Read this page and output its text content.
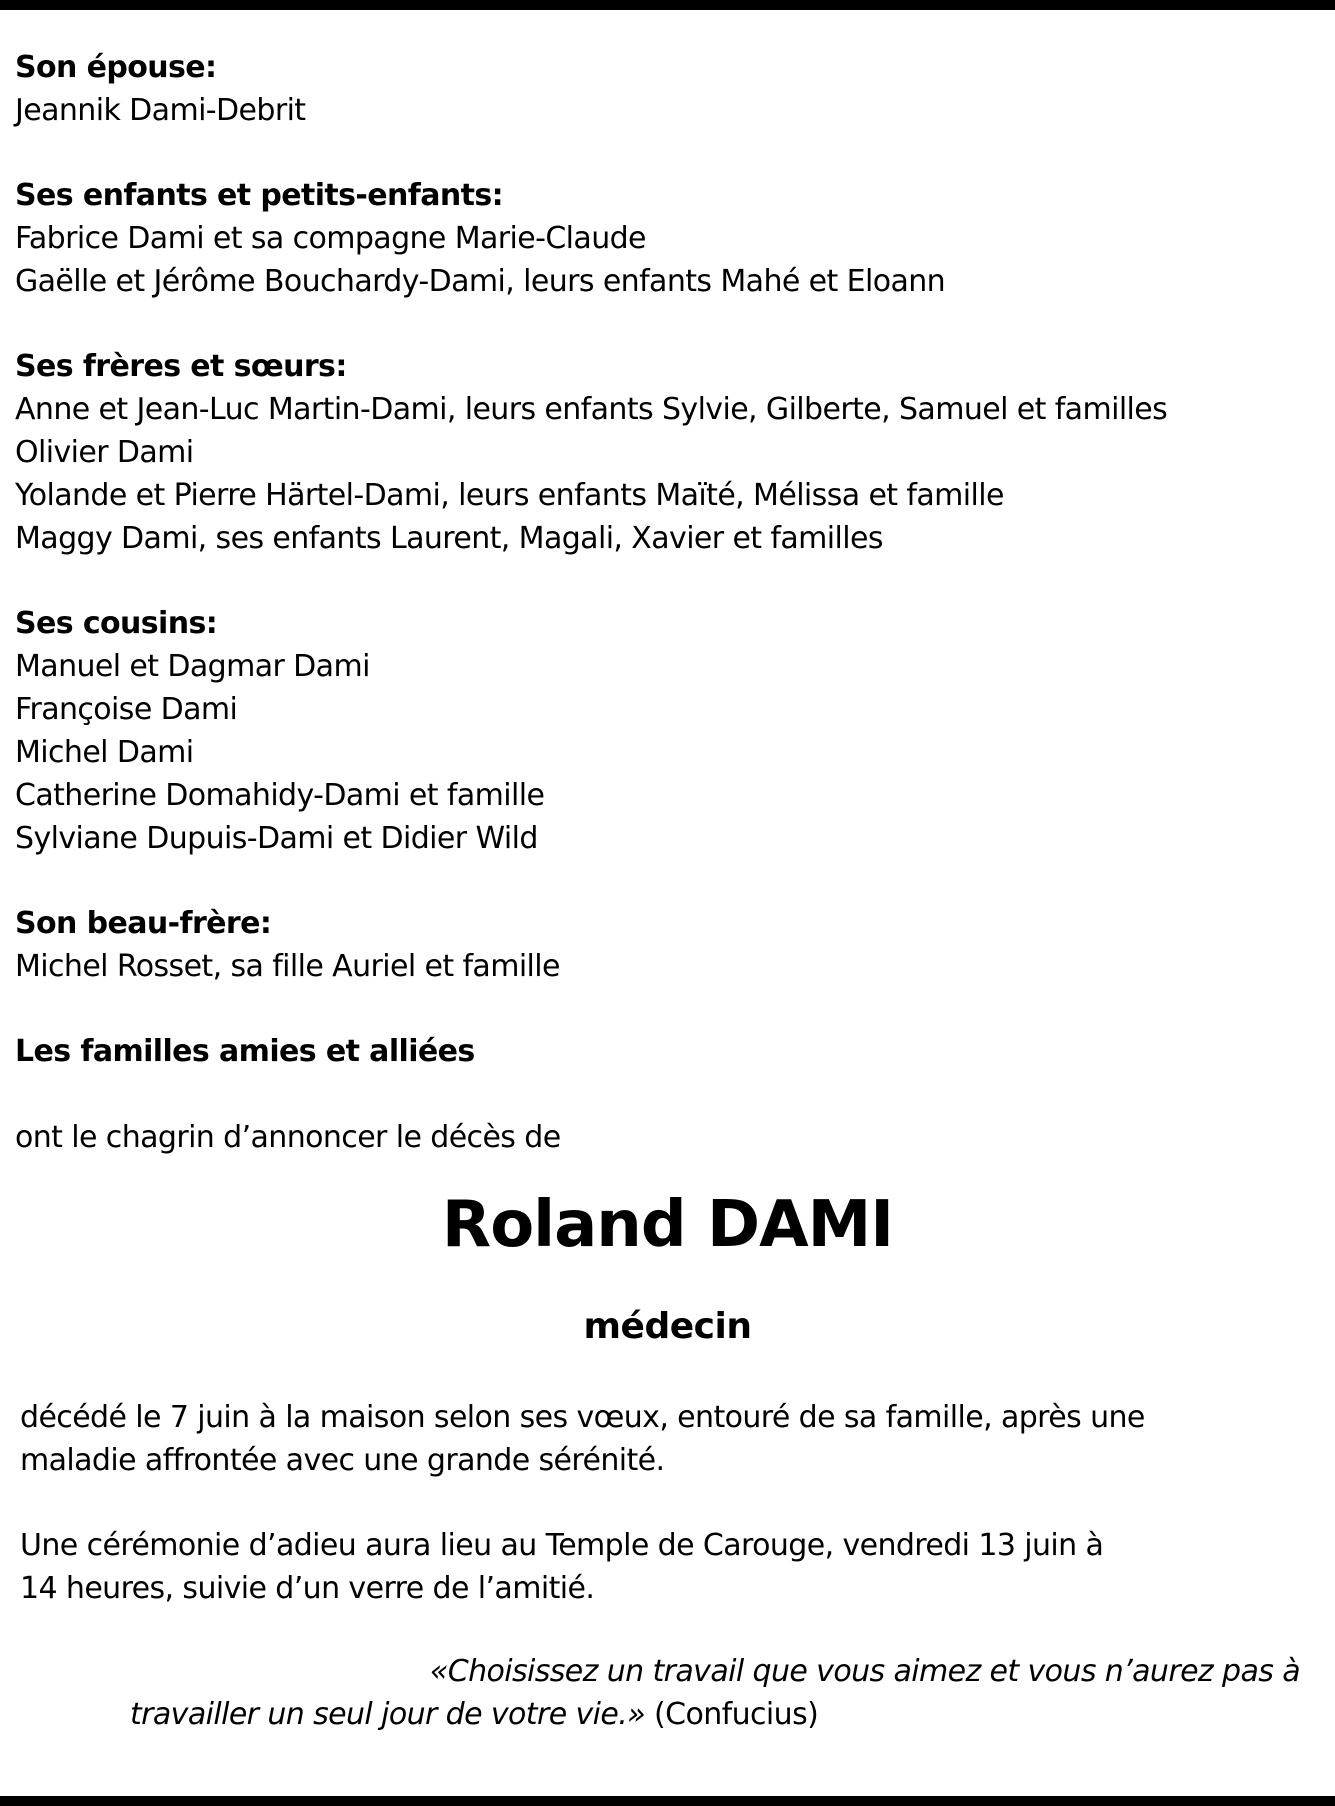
Son épouse:
Jeannik Dami-Debrit
Ses enfants et petits-enfants:
Fabrice Dami et sa compagne Marie-Claude
Gaëlle et Jérôme Bouchardy-Dami, leurs enfants Mahé et Eloann
Ses frères et sœurs:
Anne et Jean-Luc Martin-Dami, leurs enfants Sylvie, Gilberte, Samuel et familles
Olivier Dami
Yolande et Pierre Härtel-Dami, leurs enfants Maïté, Mélissa et famille
Maggy Dami, ses enfants Laurent, Magali, Xavier et familles
Ses cousins:
Manuel et Dagmar Dami
Françoise Dami
Michel Dami
Catherine Domahidy-Dami et famille
Sylviane Dupuis-Dami et Didier Wild
Son beau-frère:
Michel Rosset, sa fille Auriel et famille
Les familles amies et alliées
ont le chagrin d’annoncer le décès de
Roland DAMI
médecin
décédé le 7 juin à la maison selon ses vœux, entouré de sa famille, après une
maladie affrontée avec une grande sérénité.
Une cérémonie d’adieu aura lieu au Temple de Carouge, vendredi 13 juin à
14 heures, suivie d’un verre de l’amitié.
«Choisissez un travail que vous aimez et vous n’aurez pas à
travailler un seul jour de votre vie.» (Confucius)
